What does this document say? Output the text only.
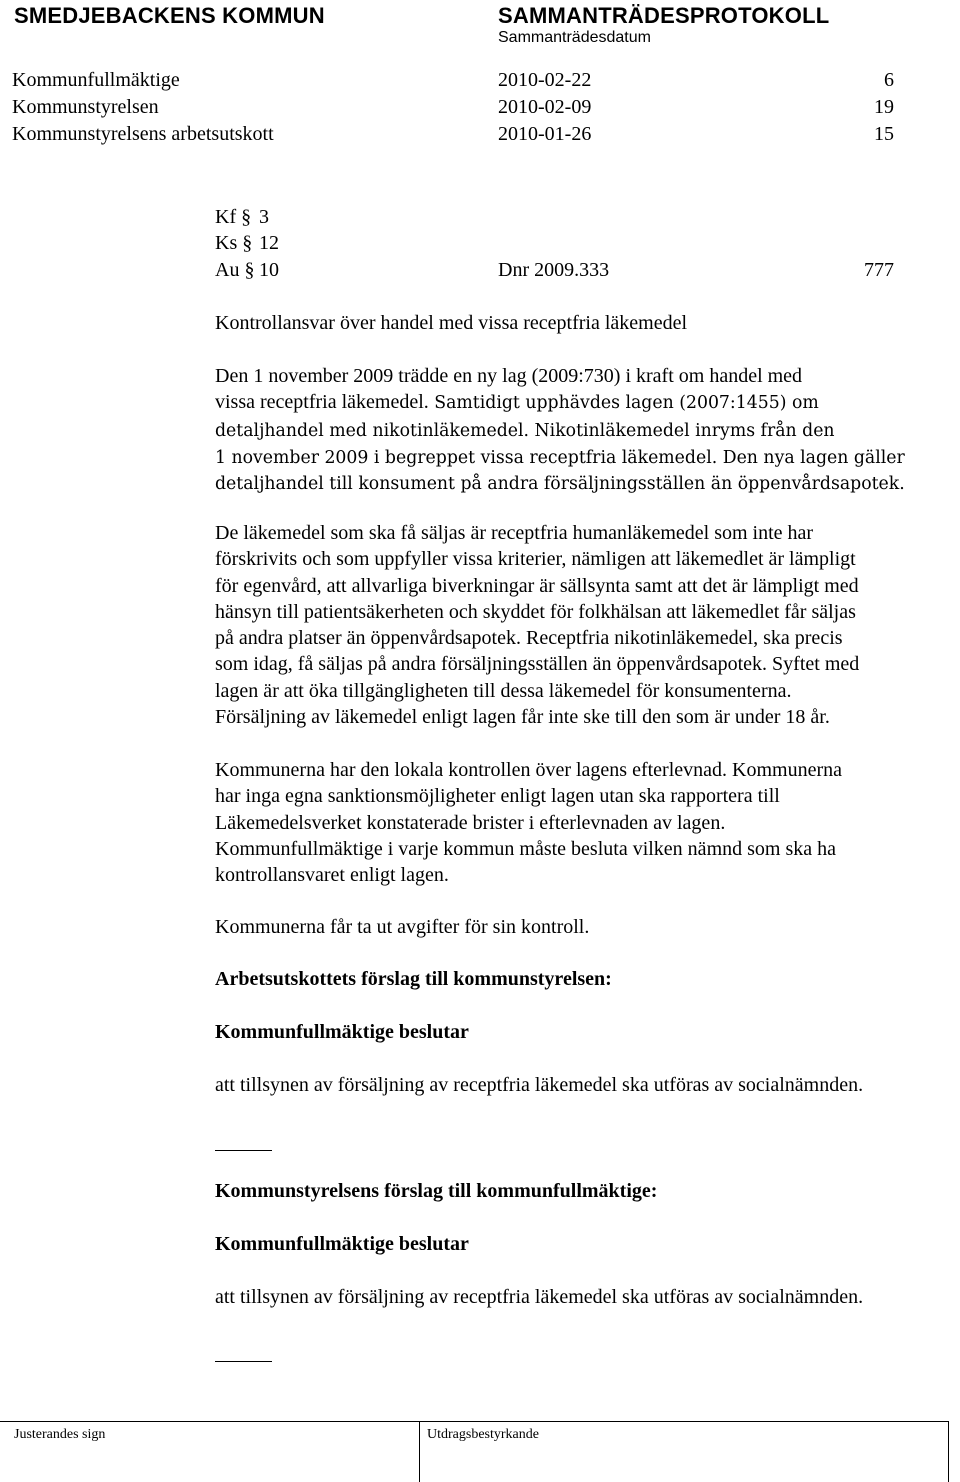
SMEDJEBACKENS KOMMUN	SAMMANTRÄDESPROTOKOLL
Sammanträdesdatum
Kommunfullmäktige	2010-02-22	6
Kommunstyrelsen	2010-02-09	19
Kommunstyrelsens arbetsutskott	2010-01-26	15
Kf § 3
Ks § 12
Au § 10	Dnr 2009.333	777
Kontrollansvar över handel med vissa receptfria läkemedel

Den 1 november 2009 trädde en ny lag (2009:730) i kraft om handel med

vissa receptfria läkemedel. Samtidigt upphävdes lagen (2007:1455) om

detaljhandel med nikotinläkemedel. Nikotinläkemedel inryms från den

1 november 2009 i begreppet vissa receptfria läkemedel. Den nya lagen gäller

detaljhandel till konsument på andra försäljningsställen än öppenvårdsapotek.

De läkemedel som ska få säljas är receptfria humanläkemedel som inte har

förskrivits och som uppfyller vissa kriterier, nämligen att läkemedlet är lämpligt

för egenvård, att allvarliga biverkningar är sällsynta samt att det är lämpligt med

hänsyn till patientsäkerheten och skyddet för folkhälsan att läkemedlet får säljas

på andra platser än öppenvårdsapotek. Receptfria nikotinläkemedel, ska precis

som idag, få säljas på andra försäljningsställen än öppenvårdsapotek. Syftet med

lagen är att öka tillgängligheten till dessa läkemedel för konsumenterna.

Försäljning av läkemedel enligt lagen får inte ske till den som är under 18 år.

Kommunerna har den lokala kontrollen över lagens efterlevnad. Kommunerna

har inga egna sanktionsmöjligheter enligt lagen utan ska rapportera till

Läkemedelsverket konstaterade brister i efterlevnaden av lagen.

Kommunfullmäktige i varje kommun måste besluta vilken nämnd som ska ha

kontrollansvaret enligt lagen.

Kommunerna får ta ut avgifter för sin kontroll.

Arbetsutskottets förslag till kommunstyrelsen:
Kommunfullmäktige beslutar
att tillsynen av försäljning av receptfria läkemedel ska utföras av socialnämnden.
Kommunstyrelsens förslag till kommunfullmäktige:
Kommunfullmäktige beslutar
att tillsynen av försäljning av receptfria läkemedel ska utföras av socialnämnden.
Justerandes sign	Utdragsbestyrkande
